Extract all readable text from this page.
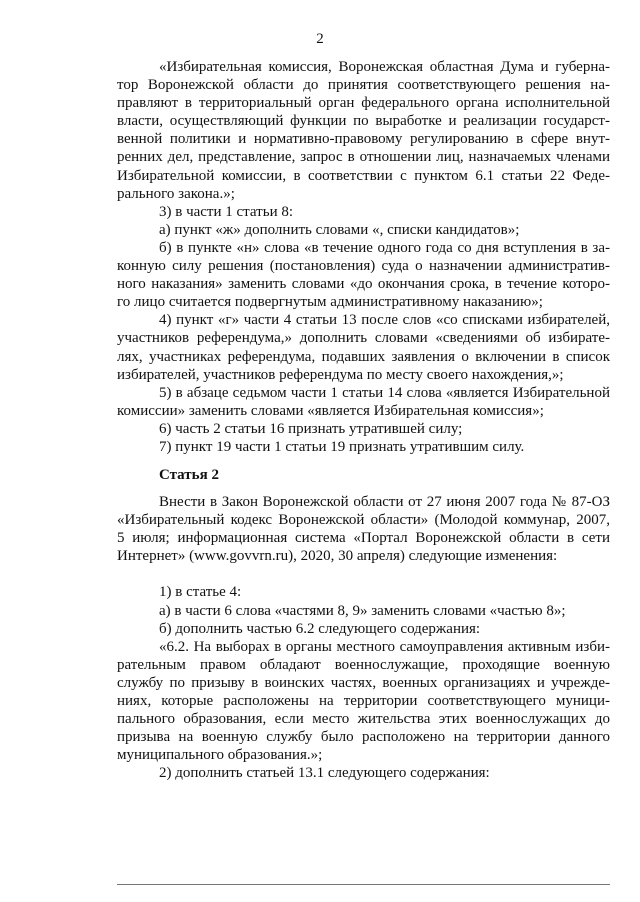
2
«Избирательная комиссия, Воронежская областная Дума и губерна-
тор Воронежской области до принятия соответствующего решения на-
правляют в территориальный орган федерального органа исполнительной
власти, осуществляющий функции по выработке и реализации государст-
венной политики и нормативно-правовому регулированию в сфере внут-
ренних дел, представление, запрос в отношении лиц, назначаемых членами
Избирательной комиссии, в соответствии с пунктом 6.1 статьи 22 Феде-
рального закона.»;
3) в части 1 статьи 8:
а) пункт «ж» дополнить словами «, списки кандидатов»;
б) в пункте «н» слова «в течение одного года со дня вступления в за-
конную силу решения (постановления) суда о назначении административ-
ного наказания» заменить словами «до окончания срока, в течение которо-
го лицо считается подвергнутым административному наказанию»;
4) пункт «г» части 4 статьи 13 после слов «со списками избирателей,
участников референдума,» дополнить словами «сведениями об избирате-
лях, участниках референдума, подавших заявления о включении в список
избирателей, участников референдума по месту своего нахождения,»;
5) в абзаце седьмом части 1 статьи 14 слова «является Избирательной
комиссии» заменить словами «является Избирательная комиссия»;
6) часть 2 статьи 16 признать утратившей силу;
7) пункт 19 части 1 статьи 19 признать утратившим силу.
Статья 2
Внести в Закон Воронежской области от 27 июня 2007 года № 87-ОЗ
«Избирательный кодекс Воронежской области» (Молодой коммунар, 2007,
5 июля; информационная система «Портал Воронежской области в сети
Интернет» (www.govvrn.ru), 2020, 30 апреля) следующие изменения:
1) в статье 4:
а) в части 6 слова «частями 8, 9» заменить словами «частью 8»;
б) дополнить частью 6.2 следующего содержания:
«6.2. На выборах в органы местного самоуправления активным изби-
рательным правом обладают военнослужащие, проходящие военную
службу по призыву в воинских частях, военных организациях и учрежде-
ниях, которые расположены на территории соответствующего муници-
пального образования, если место жительства этих военнослужащих до
призыва на военную службу было расположено на территории данного
муниципального образования.»;
2) дополнить статьей 13.1 следующего содержания:
